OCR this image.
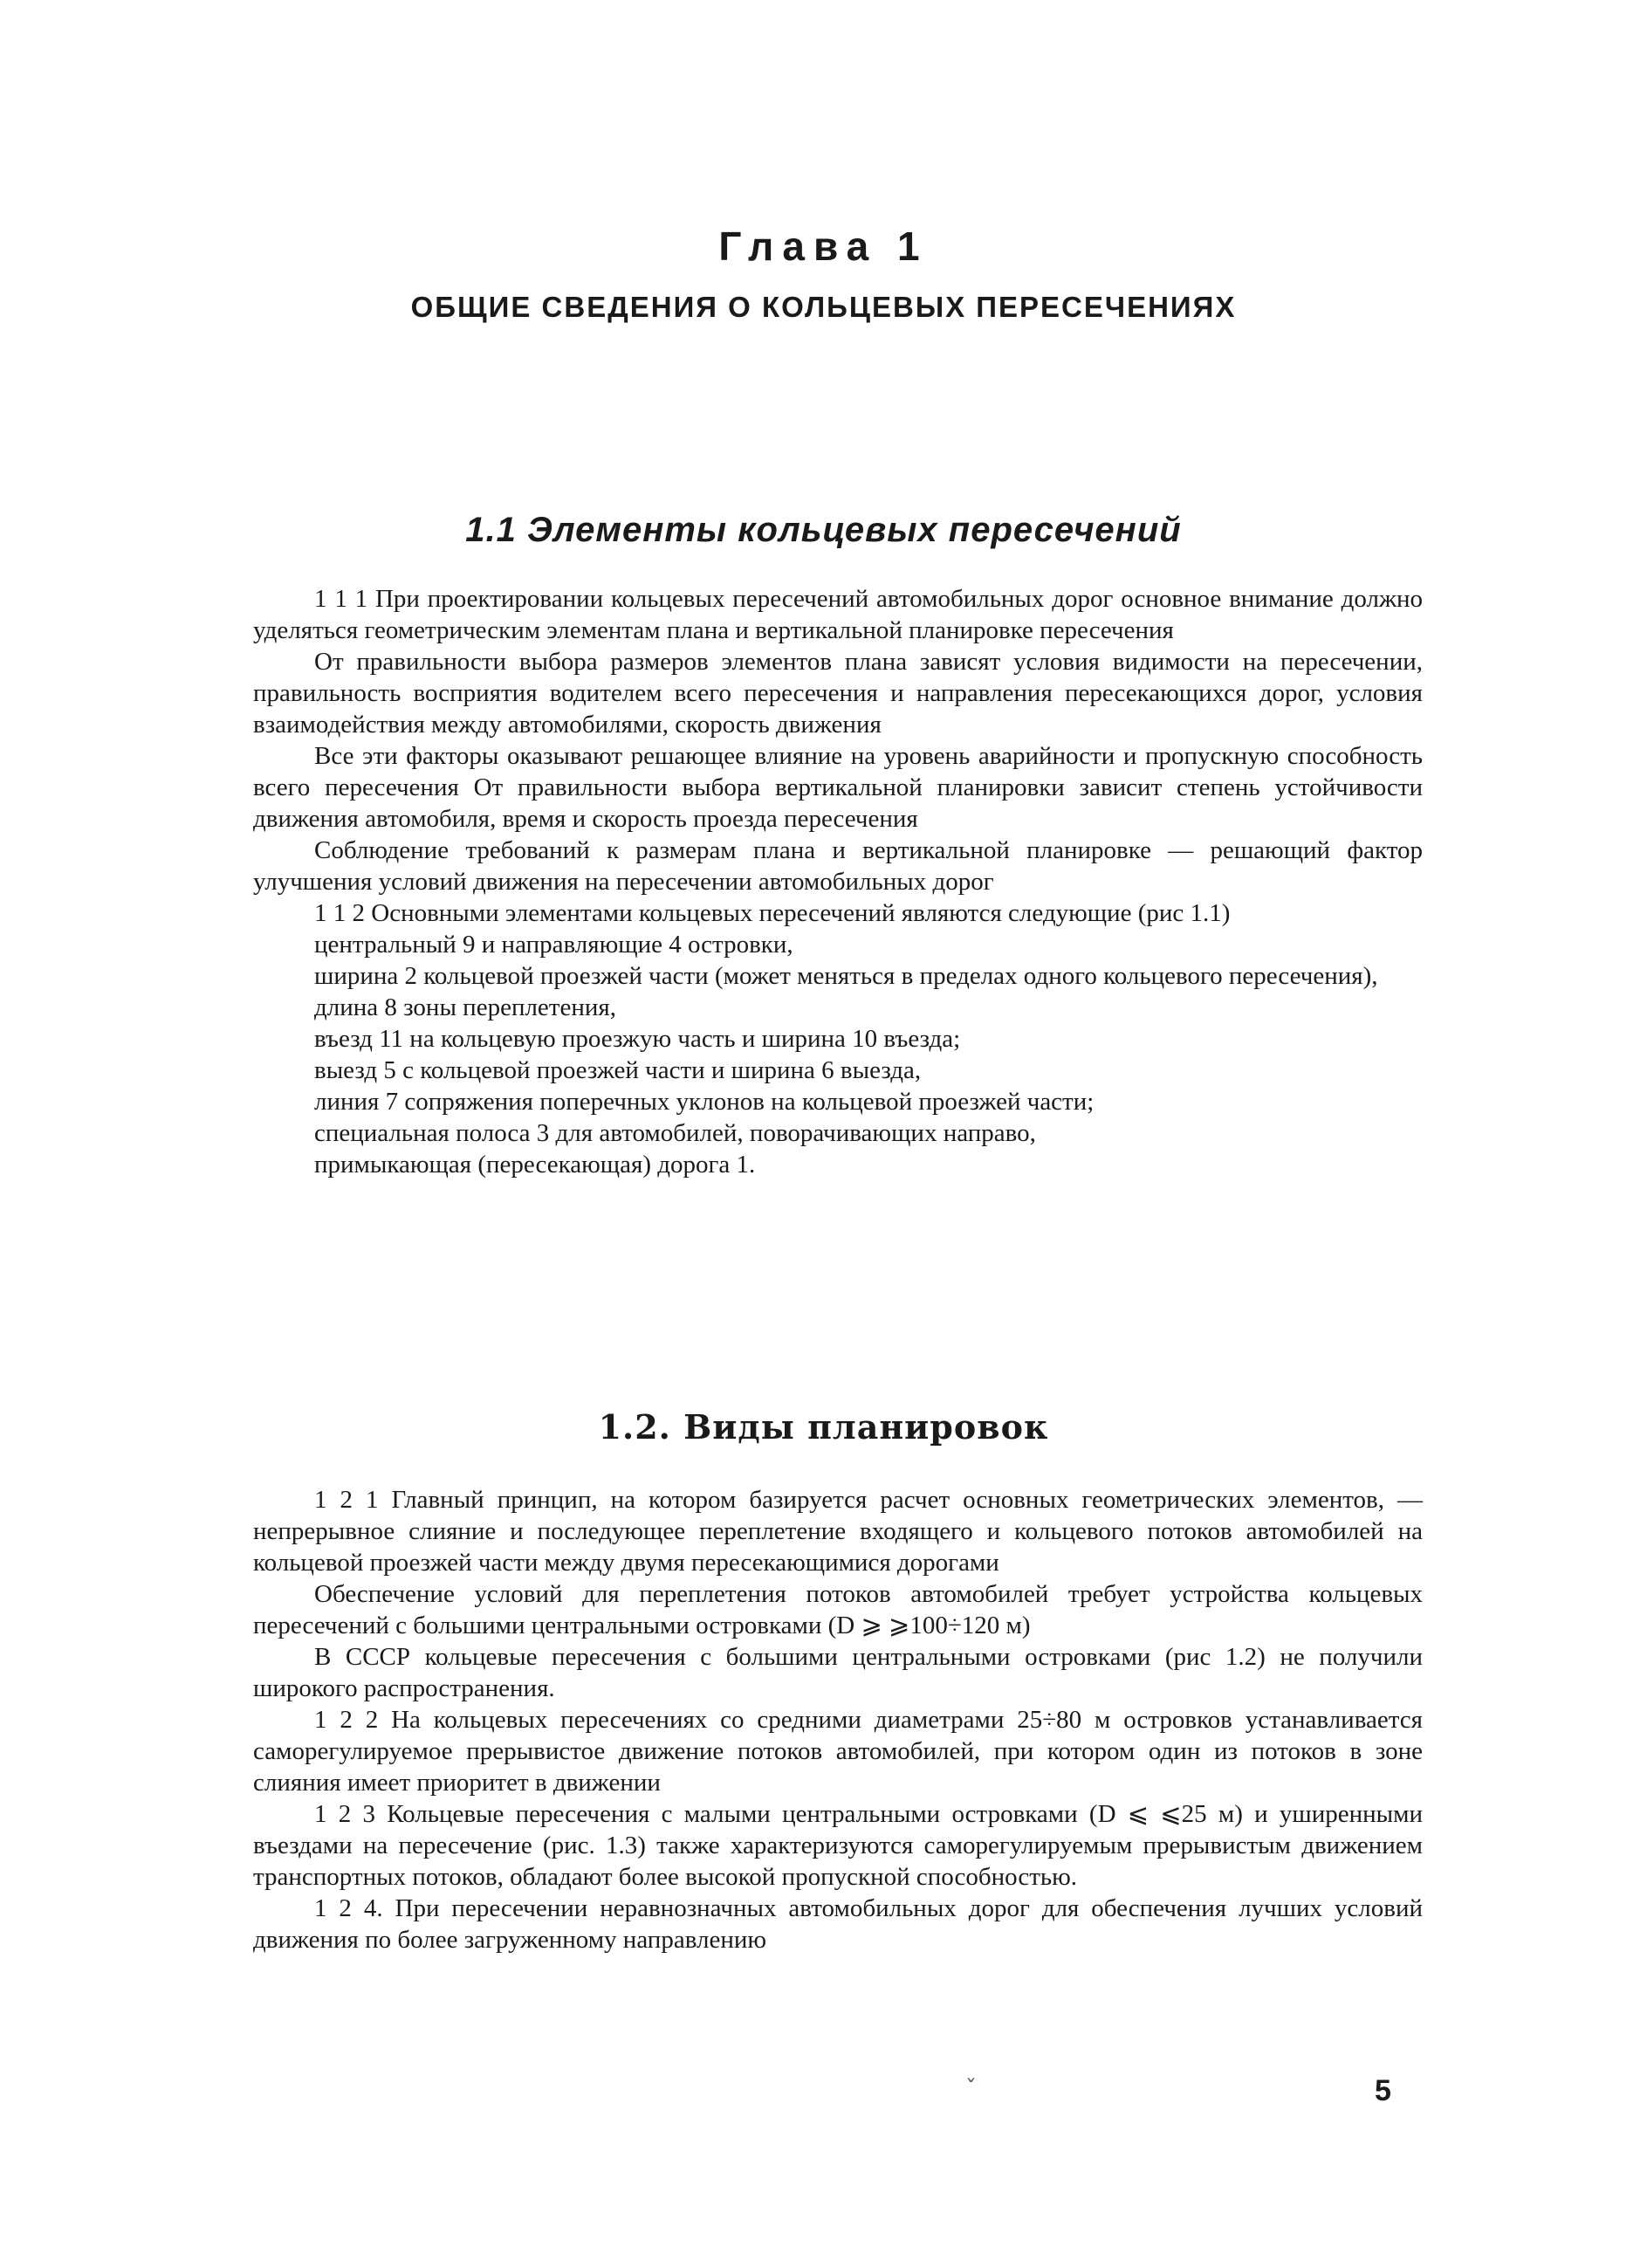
Глава 1
ОБЩИЕ СВЕДЕНИЯ О КОЛЬЦЕВЫХ ПЕРЕСЕЧЕНИЯХ
1.1 Элементы кольцевых пересечений

1 1 1 При проектировании кольцевых пересечений автомобильных дорог основное внимание должно уделяться геометрическим элементам плана и вертикальной планировке пересечения

От правильности выбора размеров элементов плана зависят условия видимости на пересечении, правильность восприятия водителем всего пересечения и направления пересекающихся дорог, условия взаимодействия между автомобилями, скорость движения

Все эти факторы оказывают решающее влияние на уровень аварийности и пропускную способность всего пересечения От правильности выбора вертикальной планировки зависит степень устойчивости движения автомобиля, время и скорость проезда пересечения

Соблюдение требований к размерам плана и вертикальной планировке — решающий фактор улучшения условий движения на пересечении автомобильных дорог

1 1 2 Основными элементами кольцевых пересечений являются следующие (рис 1.1)

центральный 9 и направляющие 4 островки,
ширина 2 кольцевой проезжей части (может меняться в пределах одного кольцевого пересечения),
длина 8 зоны переплетения,
въезд 11 на кольцевую проезжую часть и ширина 10 въезда;
выезд 5 с кольцевой проезжей части и ширина 6 выезда,
линия 7 сопряжения поперечных уклонов на кольцевой проезжей части;
специальная полоса 3 для автомобилей, поворачивающих направо,
примыкающая (пересекающая) дорога 1.
1.2. Виды планировок

1 2 1 Главный принцип, на котором базируется расчет основных геометрических элементов, — непрерывное слияние и последующее переплетение входящего и кольцевого потоков автомобилей на кольцевой проезжей части между двумя пересекающимися дорогами

Обеспечение условий для переплетения потоков автомобилей требует устройства кольцевых пересечений с большими центральными островками (D ⩾ ⩾100÷120 м)

В СССР кольцевые пересечения с большими центральными островками (рис 1.2) не получили широкого распространения.

1 2 2 На кольцевых пересечениях со средними диаметрами 25÷80 м островков устанавливается саморегулируемое прерывистое движение потоков автомобилей, при котором один из потоков в зоне слияния имеет приоритет в движении

1 2 3 Кольцевые пересечения с малыми центральными островками (D ⩽ ⩽25 м) и уширенными въездами на пересечение (рис. 1.3) также характеризуются саморегулируемым прерывистым движением транспортных потоков, обладают более высокой пропускной способностью.

1 2 4. При пересечении неравнозначных автомобильных дорог для обеспечения лучших условий движения по более загруженному направлению

ˇ	5
